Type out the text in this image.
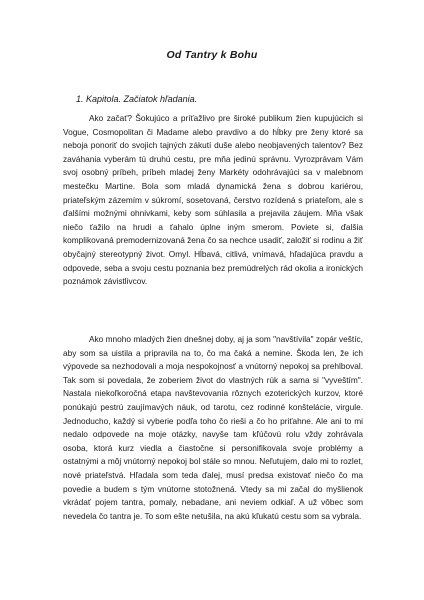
Od Tantry k Bohu
1. Kapitola. Začiatok hľadania.

Ako začať? Šokujúco a príťažlivo pre široké publikum žien kupujúcich si Vogue, Cosmopolitan či Madame alebo pravdivo a do hĺbky pre ženy ktoré sa neboja ponoriť do svojich tajných zákutí duše alebo neobjavených talentov? Bez zaváhania vyberám tú druhú cestu, pre mňa jedinú správnu. Vyrozprávam Vám svoj osobný príbeh, príbeh mladej ženy Markéty odohrávajúci sa v malebnom mestečku Martine. Bola som mladá dynamická žena s dobrou kariérou, priateľským zázemím v súkromí, sosetovaná, čerstvo rozídená s priateľom, ale s ďalšími možnými ohnivkami, keby som súhlasila a prejavila záujem. Mňa však niečo ťažilo na hrudi a ťahalo úplne iným smerom. Poviete si, ďalšia komplikovaná premodernizovaná žena čo sa nechce usadiť, založiť si rodinu a žiť obyčajný stereotypný život. Omyl. Hĺbavá, citlivá, vnímavá, hľadajúca pravdu a odpovede, seba a svoju cestu poznania bez premúdrelých rád okolia a ironických poznámok závistlivcov.

Ako mnoho mladých žien dnešnej doby, aj ja som "navštívila" zopár veštíc, aby som sa uistila a pripravila na to, čo ma čaká a nemine. Škoda len, že ich výpovede sa nezhodovali a moja nespokojnosť a vnútorný nepokoj sa prehlboval. Tak som si povedala, že zoberiem život do vlastných rúk a sama si "vyveštím". Nastala niekoľkoročná etapa navštevovania rôznych ezoterických kurzov, ktoré ponúkajú pestrú zaujímavých náuk, od tarotu, cez rodinné konštelácie, virgule. Jednoducho, každý si vyberie podľa toho čo rieši a čo ho priťahne. Ale ani to mi nedalo odpovede na moje otázky, navyše tam kľúčovú rolu vždy zohrávala osoba, ktorá kurz viedla a čiastočne si personifikovala svoje problémy a ostatnými a môj vnútorný nepokoj bol stále so mnou. Neľutujem, dalo mi to rozlet, nové priateľstvá. Hľadala som teda ďalej, musí predsa existovať niečo čo ma povedie a budem s tým vnútorne stotožnená. Vtedy sa mi začal do myšlienok vkrádať pojem tantra, pomaly, nebadane, ani neviem odkiaľ. A už vôbec som nevedela čo tantra je. To som ešte netušila, na akú kľukatú cestu som sa vybrala.
